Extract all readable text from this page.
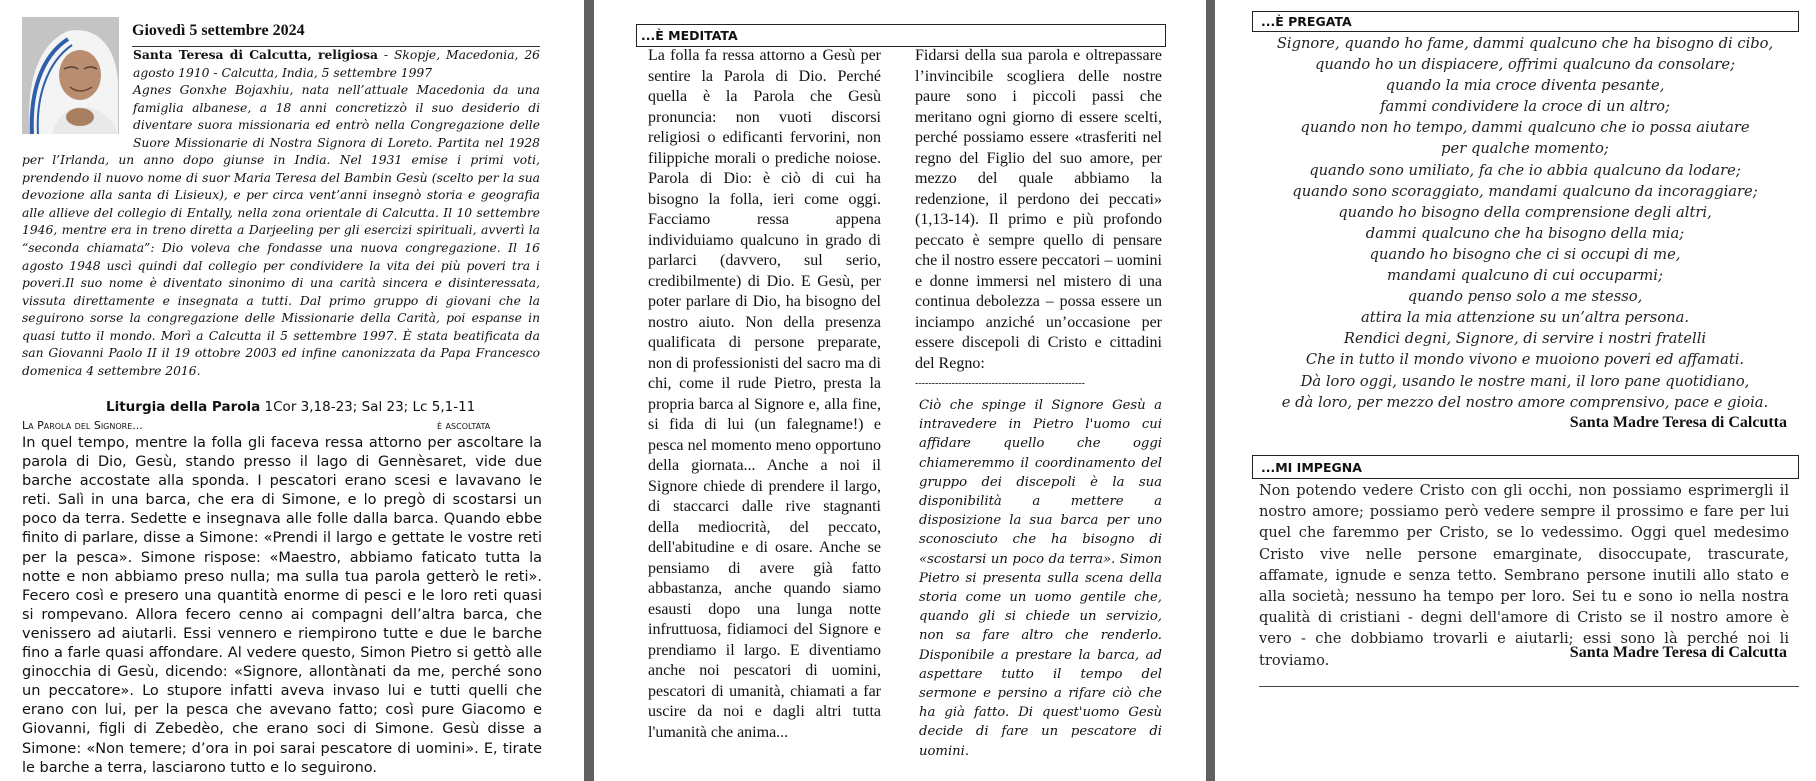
Giovedì 5 settembre 2024
Santa Teresa di Calcutta, religiosa - Skopje, Macedonia, 26 agosto 1910 - Calcutta, India, 5 settembre 1997
Agnes Gonxhe Bojaxhiu, nata nell’attuale Macedonia da una famiglia albanese, a 18 anni concretizzò il suo desiderio di diventare suora missionaria ed entrò nella Congregazione delle Suore Missionarie di Nostra Signora di Loreto. Partita nel 1928 per l’Irlanda, un anno dopo giunse in India. Nel 1931 emise i primi voti, prendendo il nuovo nome di suor Maria Teresa del Bambin Gesù (scelto per la sua devozione alla santa di Lisieux), e per circa vent’anni insegnò storia e geografia alle allieve del collegio di Entally, nella zona orientale di Calcutta. Il 10 settembre 1946, mentre era in treno diretta a Darjeeling per gli esercizi spirituali, avvertì la “seconda chiamata”: Dio voleva che fondasse una nuova congregazione. Il 16 agosto 1948 uscì quindi dal collegio per condividere la vita dei più poveri tra i poveri.Il suo nome è diventato sinonimo di una carità sincera e disinteressata, vissuta direttamente e insegnata a tutti. Dal primo gruppo di giovani che la seguirono sorse la congregazione delle Missionarie della Carità, poi espanse in quasi tutto il mondo. Morì a Calcutta il 5 settembre 1997. È stata beatificata da san Giovanni Paolo II il 19 ottobre 2003 ed infine canonizzata da Papa Francesco domenica 4 settembre 2016.
Liturgia della Parola 1Cor 3,18-23; Sal 23; Lc 5,1-11
La Parola del Signore...	è ascoltata
In quel tempo, mentre la folla gli faceva ressa attorno per ascoltare la parola di Dio, Gesù, stando presso il lago di Gennèsaret, vide due barche accostate alla sponda. I pescatori erano scesi e lavavano le reti. Salì in una barca, che era di Simone, e lo pregò di scostarsi un poco da terra. Sedette e insegnava alle folle dalla barca. Quando ebbe finito di parlare, disse a Simone: «Prendi il largo e gettate le vostre reti per la pesca». Simone rispose: «Maestro, abbiamo faticato tutta la notte e non abbiamo preso nulla; ma sulla tua parola getterò le reti». Fecero così e presero una quantità enorme di pesci e le loro reti quasi si rompevano. Allora fecero cenno ai compagni dell’altra barca, che venissero ad aiutarli. Essi vennero e riempirono tutte e due le barche fino a farle quasi affondare. Al vedere questo, Simon Pietro si gettò alle ginocchia di Gesù, dicendo: «Signore, allontànati da me, perché sono un peccatore». Lo stupore infatti aveva invaso lui e tutti quelli che erano con lui, per la pesca che avevano fatto; così pure Giacomo e Giovanni, figli di Zebedèo, che erano soci di Simone. Gesù disse a Simone: «Non temere; d’ora in poi sarai pescatore di uomini». E, tirate le barche a terra, lasciarono tutto e lo seguirono.
...È MEDITATA
La folla fa ressa attorno a Gesù per sentire la Parola di Dio. Perché quella è la Parola che Gesù pronuncia: non vuoti discorsi religiosi o edificanti fervorini, non filippiche morali o prediche noiose. Parola di Dio: è ciò di cui ha bisogno la folla, ieri come oggi. Facciamo ressa appena individuiamo qualcuno in grado di parlarci (davvero, sul serio, credibilmente) di Dio. E Gesù, per poter parlare di Dio, ha bisogno del nostro aiuto. Non della presenza qualificata di persone preparate, non di professionisti del sacro ma di chi, come il rude Pietro, presta la propria barca al Signore e, alla fine, si fida di lui (un falegname!) e pesca nel momento meno opportuno della giornata... Anche a noi il Signore chiede di prendere il largo, di staccarci dalle rive stagnanti della mediocrità, del peccato, dell'abitudine e di osare. Anche se pensiamo di avere già fatto abbastanza, anche quando siamo esausti dopo una lunga notte infruttuosa, fidiamoci del Signore e prendiamo il largo. E diventiamo anche noi pescatori di uomini, pescatori di umanità, chiamati a far uscire da noi e dagli altri tutta l'umanità che anima...
Fidarsi della sua parola e oltrepassare l’invincibile scogliera delle nostre paure sono i piccoli passi che meritano ogni giorno di essere scelti, perché possiamo essere «trasferiti nel regno del Figlio del suo amore, per mezzo del quale abbiamo la redenzione, il perdono dei peccati» (1,13-14). Il primo e più profondo peccato è sempre quello di pensare che il nostro essere peccatori – uomini e donne immersi nel mistero di una continua debolezza – possa essere un inciampo anziché un’occasione per essere discepoli di Cristo e cittadini del Regno:
---------------------------------------------------
Ciò che spinge il Signore Gesù a intravedere in Pietro l'uomo cui affidare quello che oggi chiameremmo il coordinamento del gruppo dei discepoli è la sua disponibilità a mettere a disposizione la sua barca per uno sconosciuto che ha bisogno di «scostarsi un poco da terra». Simon Pietro si presenta sulla scena della storia come un uomo gentile che, quando gli si chiede un servizio, non sa fare altro che renderlo. Disponibile a prestare la barca, ad aspettare tutto il tempo del sermone e persino a rifare ciò che ha già fatto. Di quest'uomo Gesù decide di fare un pescatore di uomini.
...È PREGATA
Signore, quando ho fame, dammi qualcuno che ha bisogno di cibo,
quando ho un dispiacere, offrimi qualcuno da consolare;
quando la mia croce diventa pesante,
fammi condividere la croce di un altro;
quando non ho tempo, dammi qualcuno che io possa aiutare
per qualche momento;
quando sono umiliato, fa che io abbia qualcuno da lodare;
quando sono scoraggiato, mandami qualcuno da incoraggiare;
quando ho bisogno della comprensione degli altri,
dammi qualcuno che ha bisogno della mia;
quando ho bisogno che ci si occupi di me,
mandami qualcuno di cui occuparmi;
quando penso solo a me stesso,
attira la mia attenzione su un’altra persona.
Rendici degni, Signore, di servire i nostri fratelli
Che in tutto il mondo vivono e muoiono poveri ed affamati.
Dà loro oggi, usando le nostre mani, il loro pane quotidiano,
e dà loro, per mezzo del nostro amore comprensivo, pace e gioia.
Santa Madre Teresa di Calcutta
...MI IMPEGNA
Non potendo vedere Cristo con gli occhi, non possiamo esprimergli il nostro amore; possiamo però vedere sempre il prossimo e fare per lui quel che faremmo per Cristo, se lo vedessimo. Oggi quel medesimo Cristo vive nelle persone emarginate, disoccupate, trascurate, affamate, ignude e senza tetto. Sembrano persone inutili allo stato e alla società; nessuno ha tempo per loro. Sei tu e sono io nella nostra qualità di cristiani - degni dell'amore di Cristo se il nostro amore è vero - che dobbiamo trovarli e aiutarli; essi sono là perché noi li troviamo.	Santa Madre Teresa di Calcutta
